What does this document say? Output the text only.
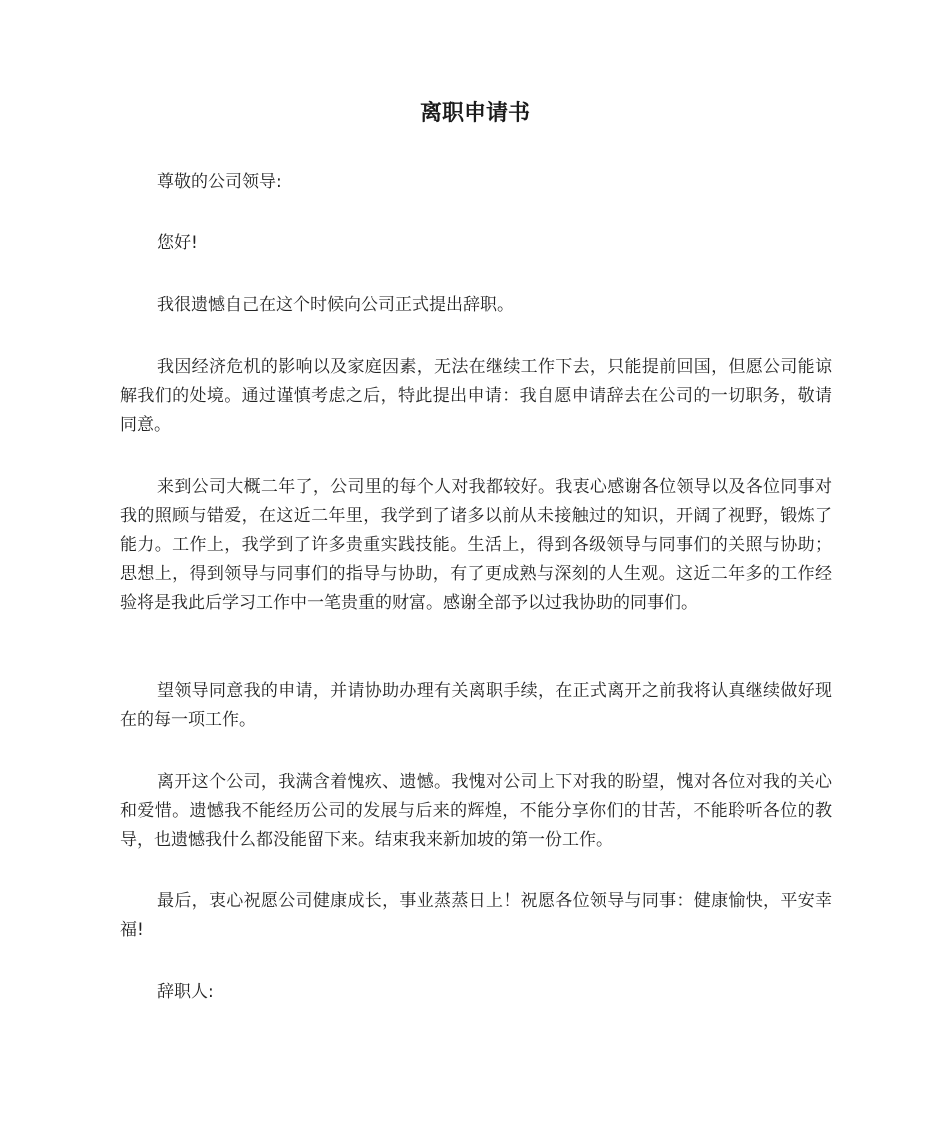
离职申请书

尊敬的公司领导:

您好!

我很遗憾自己在这个时候向公司正式提出辞职。

我因经济危机的影响以及家庭因素，无法在继续工作下去，只能提前回国，但愿公司能谅解我们的处境。通过谨慎考虑之后，特此提出申请：我自愿申请辞去在公司的一切职务，敬请同意。

来到公司大概二年了，公司里的每个人对我都较好。我衷心感谢各位领导以及各位同事对我的照顾与错爱，在这近二年里，我学到了诸多以前从未接触过的知识，开阔了视野，锻炼了能力。工作上，我学到了许多贵重实践技能。生活上，得到各级领导与同事们的关照与协助；思想上，得到领导与同事们的指导与协助，有了更成熟与深刻的人生观。这近二年多的工作经验将是我此后学习工作中一笔贵重的财富。感谢全部予以过我协助的同事们。

望领导同意我的申请，并请协助办理有关离职手续，在正式离开之前我将认真继续做好现在的每一项工作。

离开这个公司，我满含着愧疚、遗憾。我愧对公司上下对我的盼望，愧对各位对我的关心和爱惜。遗憾我不能经历公司的发展与后来的辉煌，不能分享你们的甘苦，不能聆听各位的教导，也遗憾我什么都没能留下来。结束我来新加坡的第一份工作。

最后，衷心祝愿公司健康成长，事业蒸蒸日上！祝愿各位领导与同事：健康愉快，平安幸福!

辞职人:
